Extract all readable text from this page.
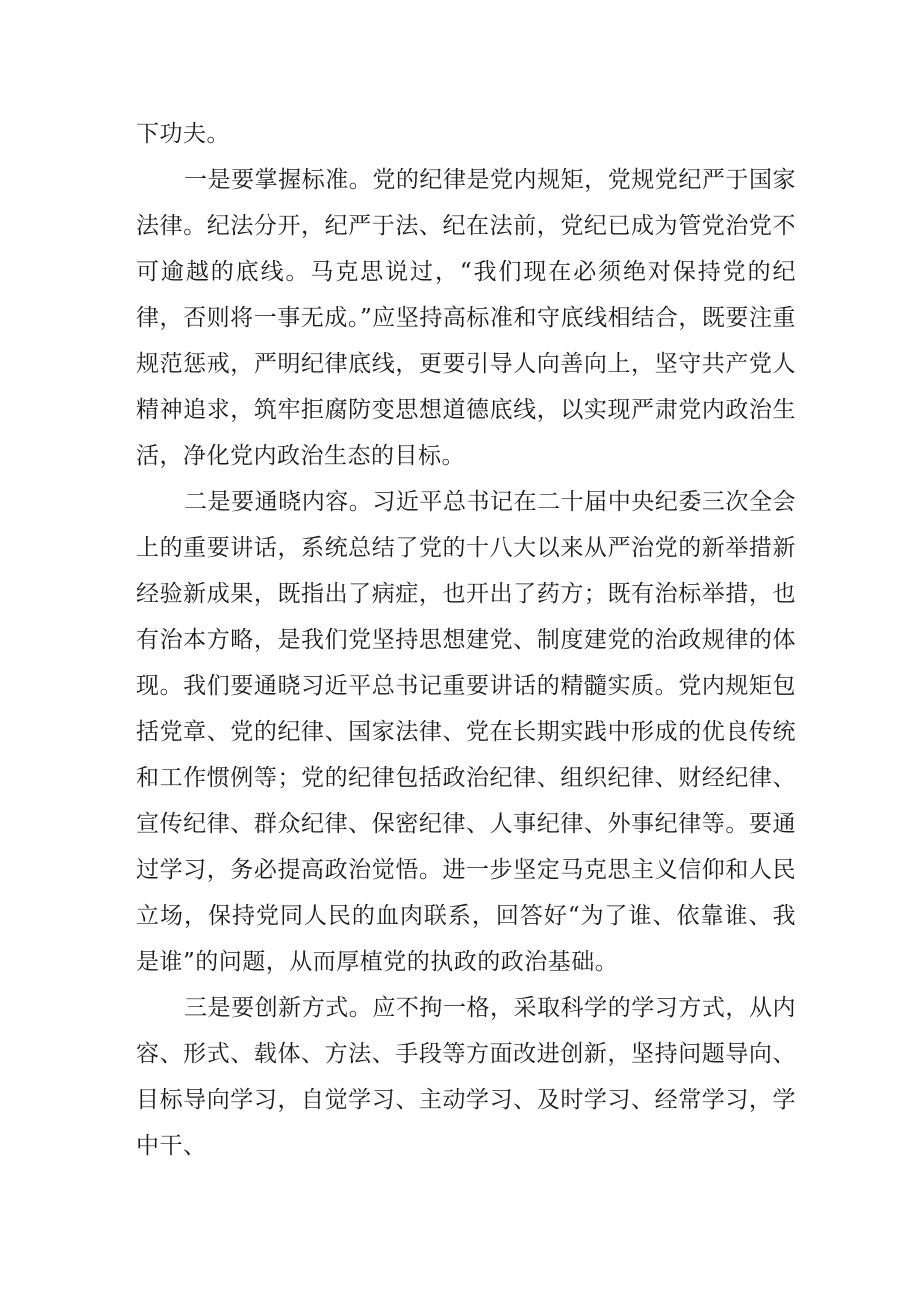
下功夫。

一是要掌握标准。党的纪律是党内规矩，党规党纪严于国家法律。纪法分开，纪严于法、纪在法前，党纪已成为管党治党不可逾越的底线。马克思说过，“我们现在必须绝对保持党的纪律，否则将一事无成。”应坚持高标准和守底线相结合，既要注重规范惩戒，严明纪律底线，更要引导人向善向上，坚守共产党人精神追求，筑牢拒腐防变思想道德底线，以实现严肃党内政治生活，净化党内政治生态的目标。

二是要通晓内容。习近平总书记在二十届中央纪委三次全会上的重要讲话，系统总结了党的十八大以来从严治党的新举措新经验新成果，既指出了病症，也开出了药方；既有治标举措，也有治本方略，是我们党坚持思想建党、制度建党的治政规律的体现。我们要通晓习近平总书记重要讲话的精髓实质。党内规矩包括党章、党的纪律、国家法律、党在长期实践中形成的优良传统和工作惯例等；党的纪律包括政治纪律、组织纪律、财经纪律、宣传纪律、群众纪律、保密纪律、人事纪律、外事纪律等。要通过学习，务必提高政治觉悟。进一步坚定马克思主义信仰和人民立场，保持党同人民的血肉联系，回答好“为了谁、依靠谁、我是谁”的问题，从而厚植党的执政的政治基础。

三是要创新方式。应不拘一格，采取科学的学习方式，从内容、形式、载体、方法、手段等方面改进创新，坚持问题导向、目标导向学习，自觉学习、主动学习、及时学习、经常学习，学中干、
